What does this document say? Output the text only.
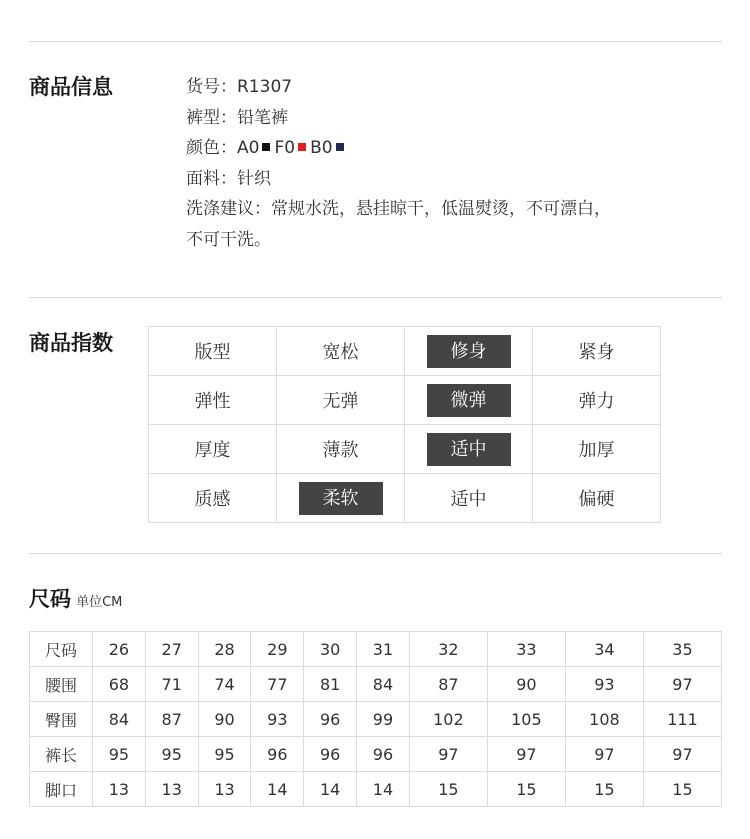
商品信息	货号：R1307
裤型：铅笔裤
颜色：A0 F0 B0
面料：针织
洗涤建议：常规水洗，悬挂晾干，低温熨烫，不可漂白，
不可干洗。
商品指数	版型	宽松	修身	紧身
弹性	无弹	微弹	弹力
厚度	薄款	适中	加厚
质感	柔软	适中	偏硬
尺码 单位CM
尺码	26	27	28	29	30	31	32	33	34	35
腰围	68	71	74	77	81	84	87	90	93	97
臀围	84	87	90	93	96	99	102	105	108	111
裤长	95	95	95	96	96	96	97	97	97	97
脚口	13	13	13	14	14	14	15	15	15	15
